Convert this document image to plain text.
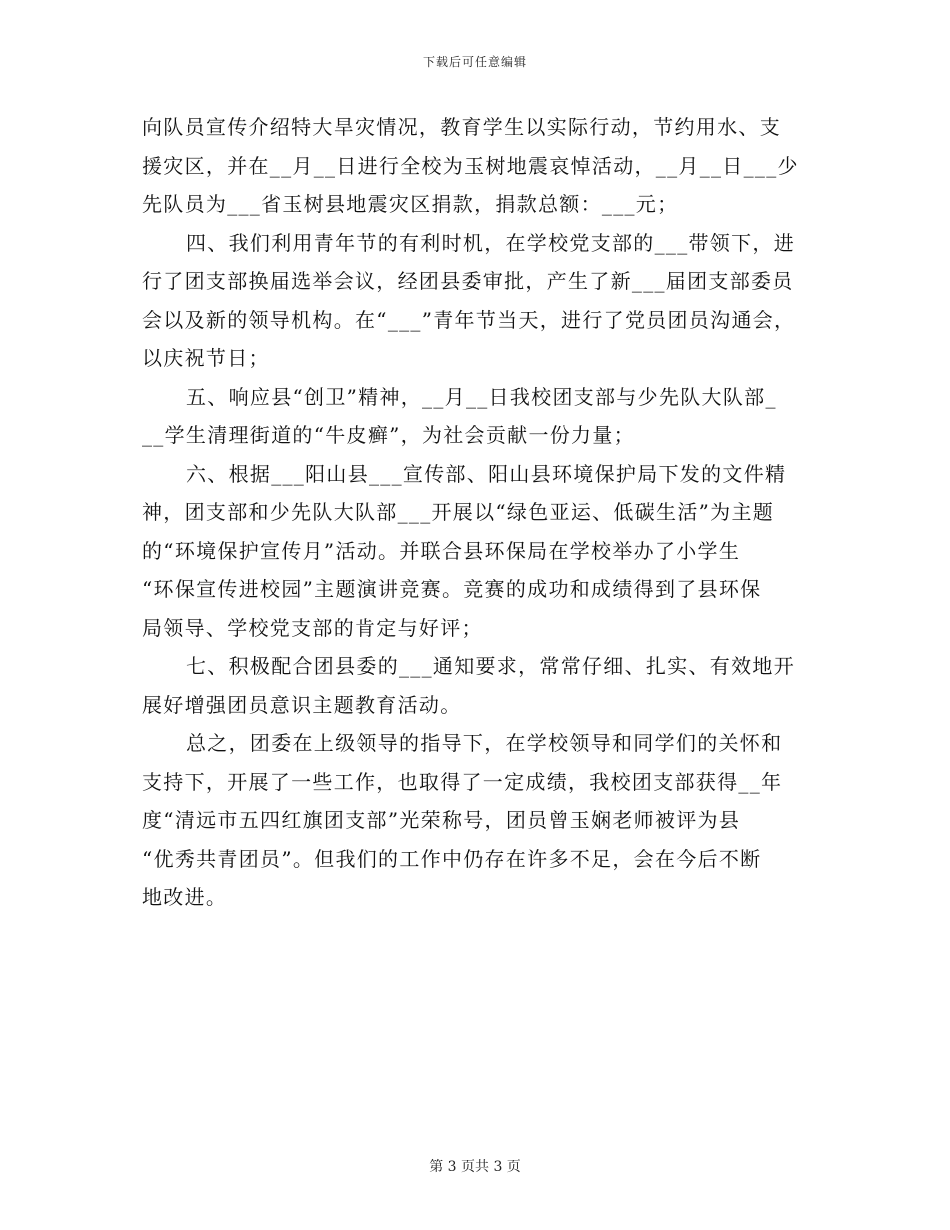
下载后可任意编辑
向队员宣传介绍特大旱灾情况，教育学生以实际行动，节约用水、支
援灾区，并在__月__日进行全校为玉树地震哀悼活动，__月__日___少
先队员为___省玉树县地震灾区捐款，捐款总额：___元；
四、我们利用青年节的有利时机，在学校党支部的___带领下，进
行了团支部换届选举会议，经团县委审批，产生了新___届团支部委员
会以及新的领导机构。在“___”青年节当天，进行了党员团员沟通会，
以庆祝节日；
五、响应县“创卫”精神，__月__日我校团支部与少先队大队部_
__学生清理街道的“牛皮癣”，为社会贡献一份力量；
六、根据___阳山县___宣传部、阳山县环境保护局下发的文件精
神，团支部和少先队大队部___开展以“绿色亚运、低碳生活”为主题
的“环境保护宣传月”活动。并联合县环保局在学校举办了小学生
“环保宣传进校园”主题演讲竞赛。竞赛的成功和成绩得到了县环保
局领导、学校党支部的肯定与好评；
七、积极配合团县委的___通知要求，常常仔细、扎实、有效地开
展好增强团员意识主题教育活动。
总之，团委在上级领导的指导下，在学校领导和同学们的关怀和
支持下，开展了一些工作，也取得了一定成绩，我校团支部获得__年
度“清远市五四红旗团支部”光荣称号，团员曾玉娴老师被评为县
“优秀共青团员”。但我们的工作中仍存在许多不足，会在今后不断
地改进。
第 3 页共 3 页
